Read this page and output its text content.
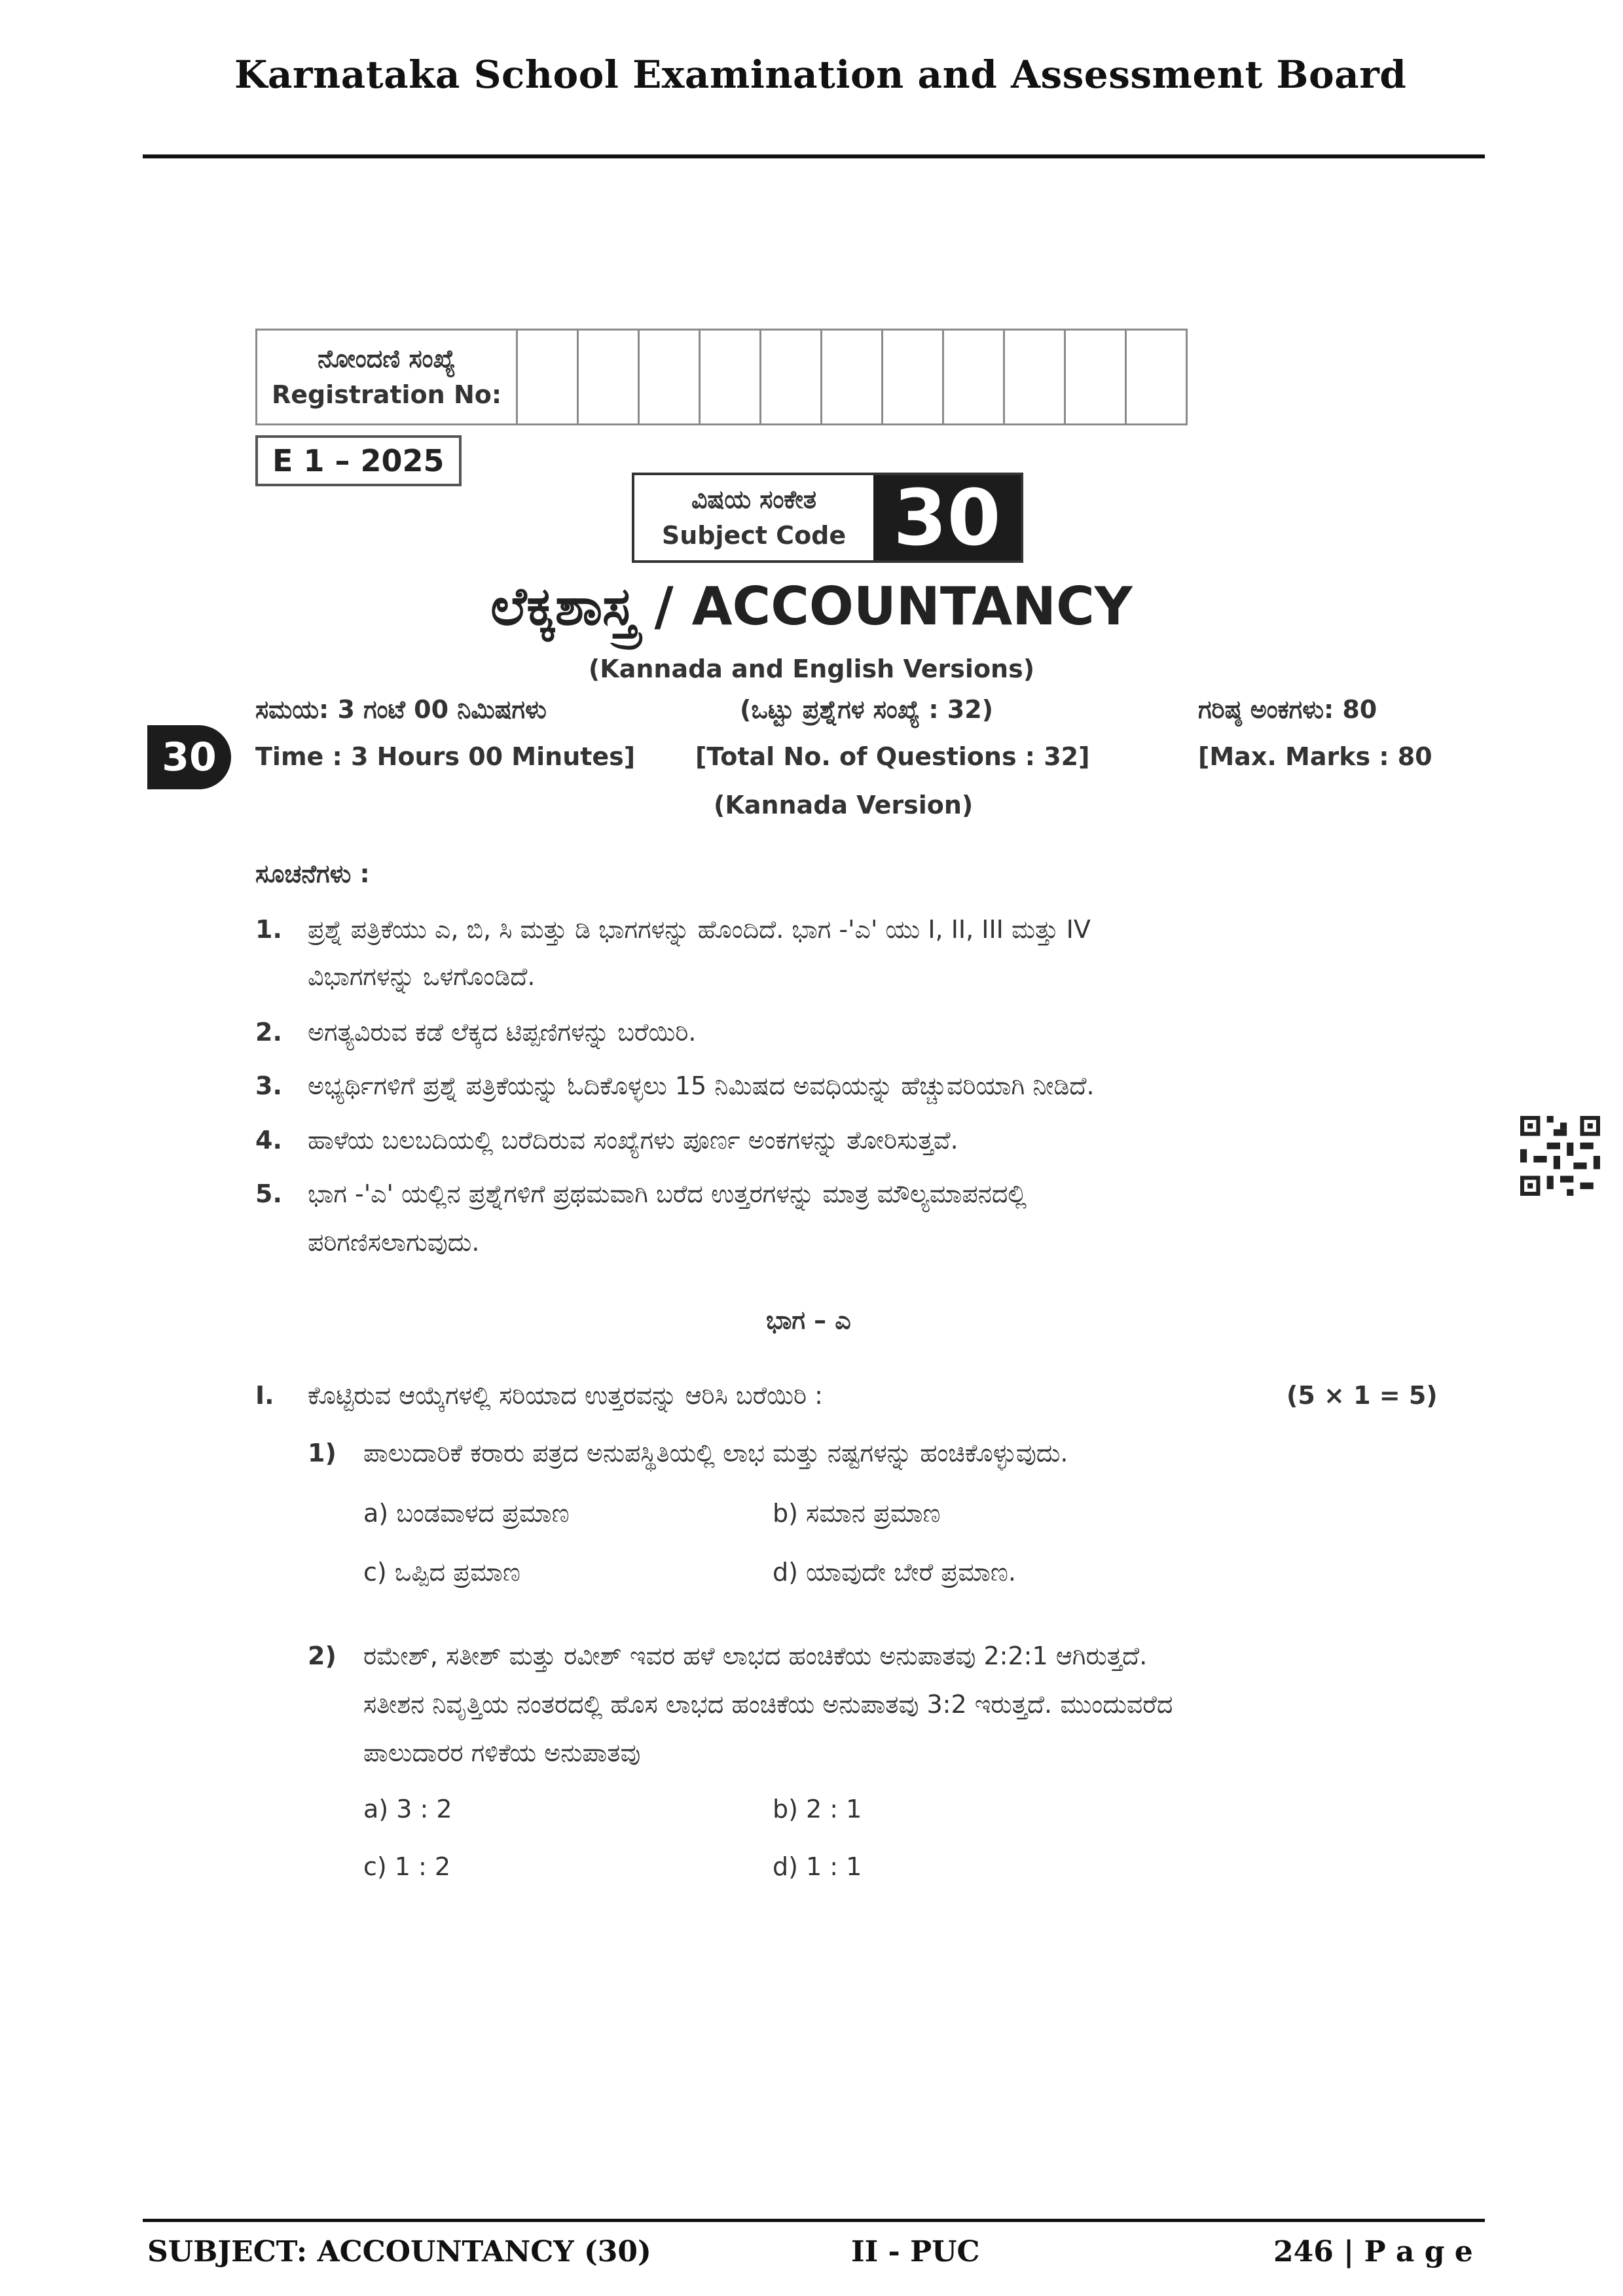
Karnataka School Examination and Assessment Board
ನೋಂದಣಿ ಸಂಖ್ಯೆ
Registration No:
E 1 – 2025
ವಿಷಯ ಸಂಕೇತ
Subject Code 30
ಲೆಕ್ಕಶಾಸ್ತ್ರ / ACCOUNTANCY
(Kannada and English Versions)
30
ಸಮಯ: 3 ಗಂಟೆ 00 ನಿಮಿಷಗಳು	(ಒಟ್ಟು ಪ್ರಶ್ನೆಗಳ ಸಂಖ್ಯೆ : 32)	ಗರಿಷ್ಠ ಅಂಕಗಳು: 80
Time : 3 Hours 00 Minutes] [Total No. of Questions : 32]	[Max. Marks : 80
(Kannada Version)
ಸೂಚನೆಗಳು :
1. ಪ್ರಶ್ನೆ ಪತ್ರಿಕೆಯು ಎ, ಬಿ, ಸಿ ಮತ್ತು ಡಿ ಭಾಗಗಳನ್ನು ಹೊಂದಿದೆ. ಭಾಗ -'ಎ' ಯು I, II, III ಮತ್ತು IV
ವಿಭಾಗಗಳನ್ನು ಒಳಗೊಂಡಿದೆ.
2. ಅಗತ್ಯವಿರುವ ಕಡೆ ಲೆಕ್ಕದ ಟಿಪ್ಪಣಿಗಳನ್ನು ಬರೆಯಿರಿ.
3. ಅಭ್ಯರ್ಥಿಗಳಿಗೆ ಪ್ರಶ್ನೆ ಪತ್ರಿಕೆಯನ್ನು ಓದಿಕೊಳ್ಳಲು 15 ನಿಮಿಷದ ಅವಧಿಯನ್ನು ಹೆಚ್ಚುವರಿಯಾಗಿ ನೀಡಿದೆ.
4. ಹಾಳೆಯ ಬಲಬದಿಯಲ್ಲಿ ಬರೆದಿರುವ ಸಂಖ್ಯೆಗಳು ಪೂರ್ಣ ಅಂಕಗಳನ್ನು ತೋರಿಸುತ್ತವೆ.
5. ಭಾಗ -'ಎ' ಯಲ್ಲಿನ ಪ್ರಶ್ನೆಗಳಿಗೆ ಪ್ರಥಮವಾಗಿ ಬರೆದ ಉತ್ತರಗಳನ್ನು ಮಾತ್ರ ಮೌಲ್ಯಮಾಪನದಲ್ಲಿ
ಪರಿಗಣಿಸಲಾಗುವುದು.
ಭಾಗ – ಎ
I. ಕೊಟ್ಟಿರುವ ಆಯ್ಕೆಗಳಲ್ಲಿ ಸರಿಯಾದ ಉತ್ತರವನ್ನು ಆರಿಸಿ ಬರೆಯಿರಿ :	(5 × 1 = 5)
1) ಪಾಲುದಾರಿಕೆ ಕರಾರು ಪತ್ರದ ಅನುಪಸ್ಥಿತಿಯಲ್ಲಿ ಲಾಭ ಮತ್ತು ನಷ್ಟಗಳನ್ನು ಹಂಚಿಕೊಳ್ಳುವುದು.
a) ಬಂಡವಾಳದ ಪ್ರಮಾಣ	b) ಸಮಾನ ಪ್ರಮಾಣ
c) ಒಪ್ಪಿದ ಪ್ರಮಾಣ	d) ಯಾವುದೇ ಬೇರೆ ಪ್ರಮಾಣ.
2) ರಮೇಶ್, ಸತೀಶ್ ಮತ್ತು ರವೀಶ್ ಇವರ ಹಳೆ ಲಾಭದ ಹಂಚಿಕೆಯ ಅನುಪಾತವು 2:2:1 ಆಗಿರುತ್ತದೆ.
ಸತೀಶನ ನಿವೃತ್ತಿಯ ನಂತರದಲ್ಲಿ ಹೊಸ ಲಾಭದ ಹಂಚಿಕೆಯ ಅನುಪಾತವು 3:2 ಇರುತ್ತದೆ. ಮುಂದುವರೆದ
ಪಾಲುದಾರರ ಗಳಿಕೆಯ ಅನುಪಾತವು
a) 3 : 2	b) 2 : 1
c) 1 : 2	d) 1 : 1
SUBJECT: ACCOUNTANCY (30)	II - PUC	246 | P a g e
